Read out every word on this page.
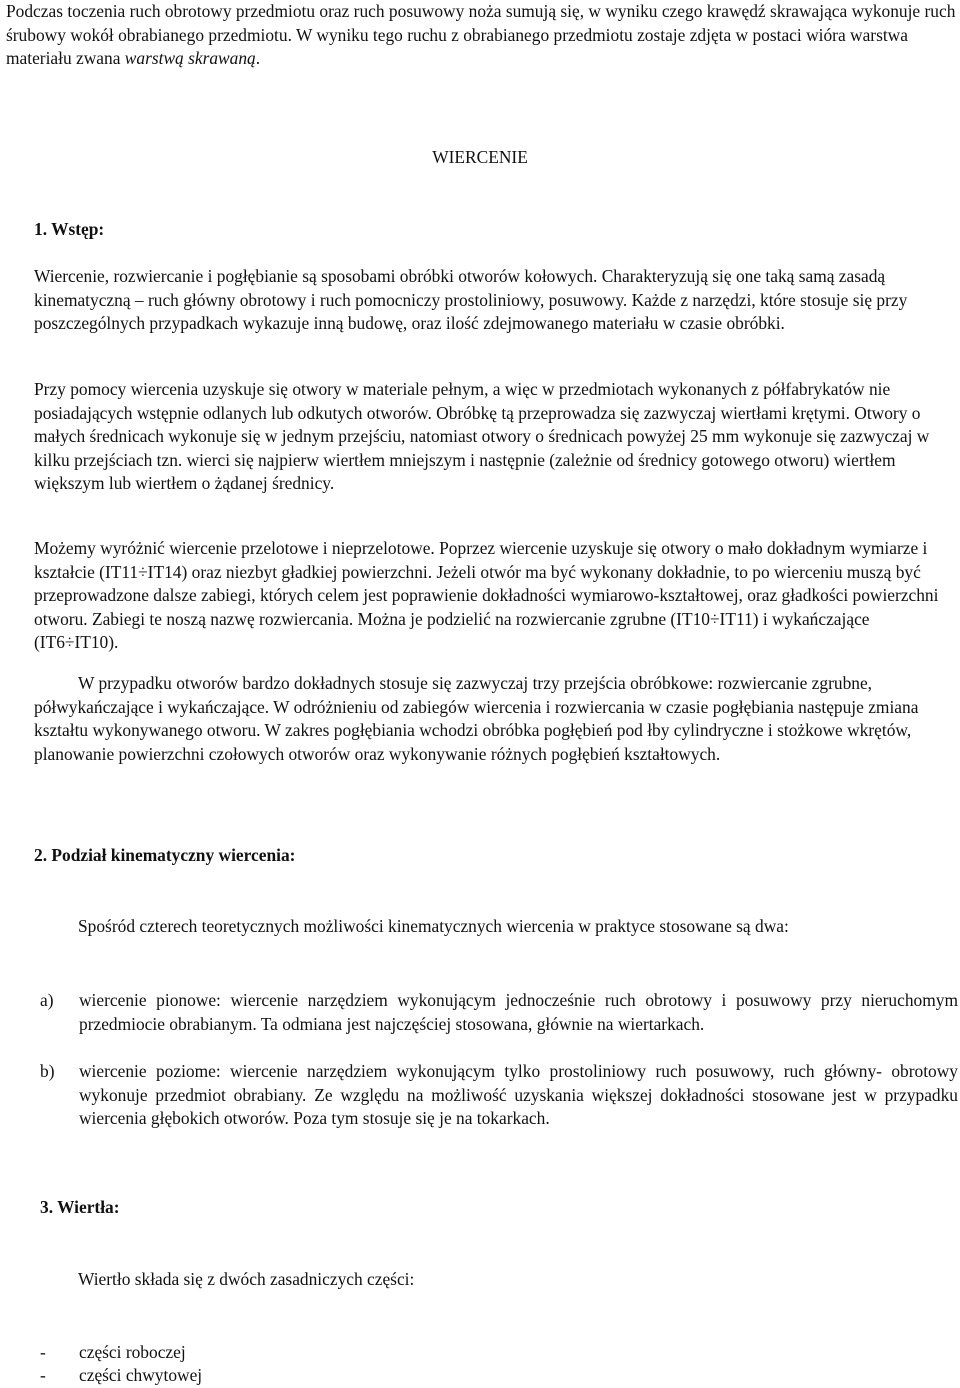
Podczas toczenia ruch obrotowy przedmiotu oraz ruch posuwowy noża sumują się, w wyniku czego krawędź skrawająca wykonuje ruch śrubowy wokół obrabianego przedmiotu. W wyniku tego ruchu z obrabianego przedmiotu zostaje zdjęta w postaci wióra warstwa materiału zwana warstwą skrawaną.

WIERCENIE
1. Wstęp:

Wiercenie, rozwiercanie i pogłębianie są sposobami obróbki otworów kołowych. Charakteryzują się one taką samą zasadą kinematyczną – ruch główny obrotowy i ruch pomocniczy prostoliniowy, posuwowy. Każde z narzędzi, które stosuje się przy poszczególnych przypadkach wykazuje inną budowę, oraz ilość zdejmowanego materiału w czasie obróbki.

Przy pomocy wiercenia uzyskuje się otwory w materiale pełnym, a więc w przedmiotach wykonanych z półfabrykatów nie posiadających wstępnie odlanych lub odkutych otworów. Obróbkę tą przeprowadza się zazwyczaj wiertłami krętymi. Otwory o małych średnicach wykonuje się w jednym przejściu, natomiast otwory o średnicach powyżej 25 mm wykonuje się zazwyczaj w kilku przejściach tzn. wierci się najpierw wiertłem mniejszym i następnie (zależnie od średnicy gotowego otworu) wiertłem większym lub wiertłem o żądanej średnicy.

Możemy wyróżnić wiercenie przelotowe i nieprzelotowe. Poprzez wiercenie uzyskuje się otwory o mało dokładnym wymiarze i kształcie (IT11÷IT14) oraz niezbyt gładkiej powierzchni. Jeżeli otwór ma być wykonany dokładnie, to po wierceniu muszą być przeprowadzone dalsze zabiegi, których celem jest poprawienie dokładności wymiarowo-kształtowej, oraz gładkości powierzchni otworu. Zabiegi te noszą nazwę rozwiercania. Można je podzielić na rozwiercanie zgrubne (IT10÷IT11) i wykańczające (IT6÷IT10).

W przypadku otworów bardzo dokładnych stosuje się zazwyczaj trzy przejścia obróbkowe: rozwiercanie zgrubne, półwykańczające i wykańczające. W odróżnieniu od zabiegów wiercenia i rozwiercania w czasie pogłębiania następuje zmiana kształtu wykonywanego otworu. W zakres pogłębiania wchodzi obróbka pogłębień pod łby cylindryczne i stożkowe wkrętów, planowanie powierzchni czołowych otworów oraz wykonywanie różnych pogłębień kształtowych.

2. Podział kinematyczny wiercenia:

Spośród czterech teoretycznych możliwości kinematycznych wiercenia w praktyce stosowane są dwa:

a) wiercenie pionowe: wiercenie narzędziem wykonującym jednocześnie ruch obrotowy i posuwowy przy nieruchomym przedmiocie obrabianym. Ta odmiana jest najczęściej stosowana, głównie na wiertarkach.
b) wiercenie poziome: wiercenie narzędziem wykonującym tylko prostoliniowy ruch posuwowy, ruch główny- obrotowy wykonuje przedmiot obrabiany. Ze względu na możliwość uzyskania większej dokładności stosowane jest w przypadku wiercenia głębokich otworów. Poza tym stosuje się je na tokarkach.
3. Wiertła:

Wiertło składa się z dwóch zasadniczych części:

- części roboczej
- części chwytowej
